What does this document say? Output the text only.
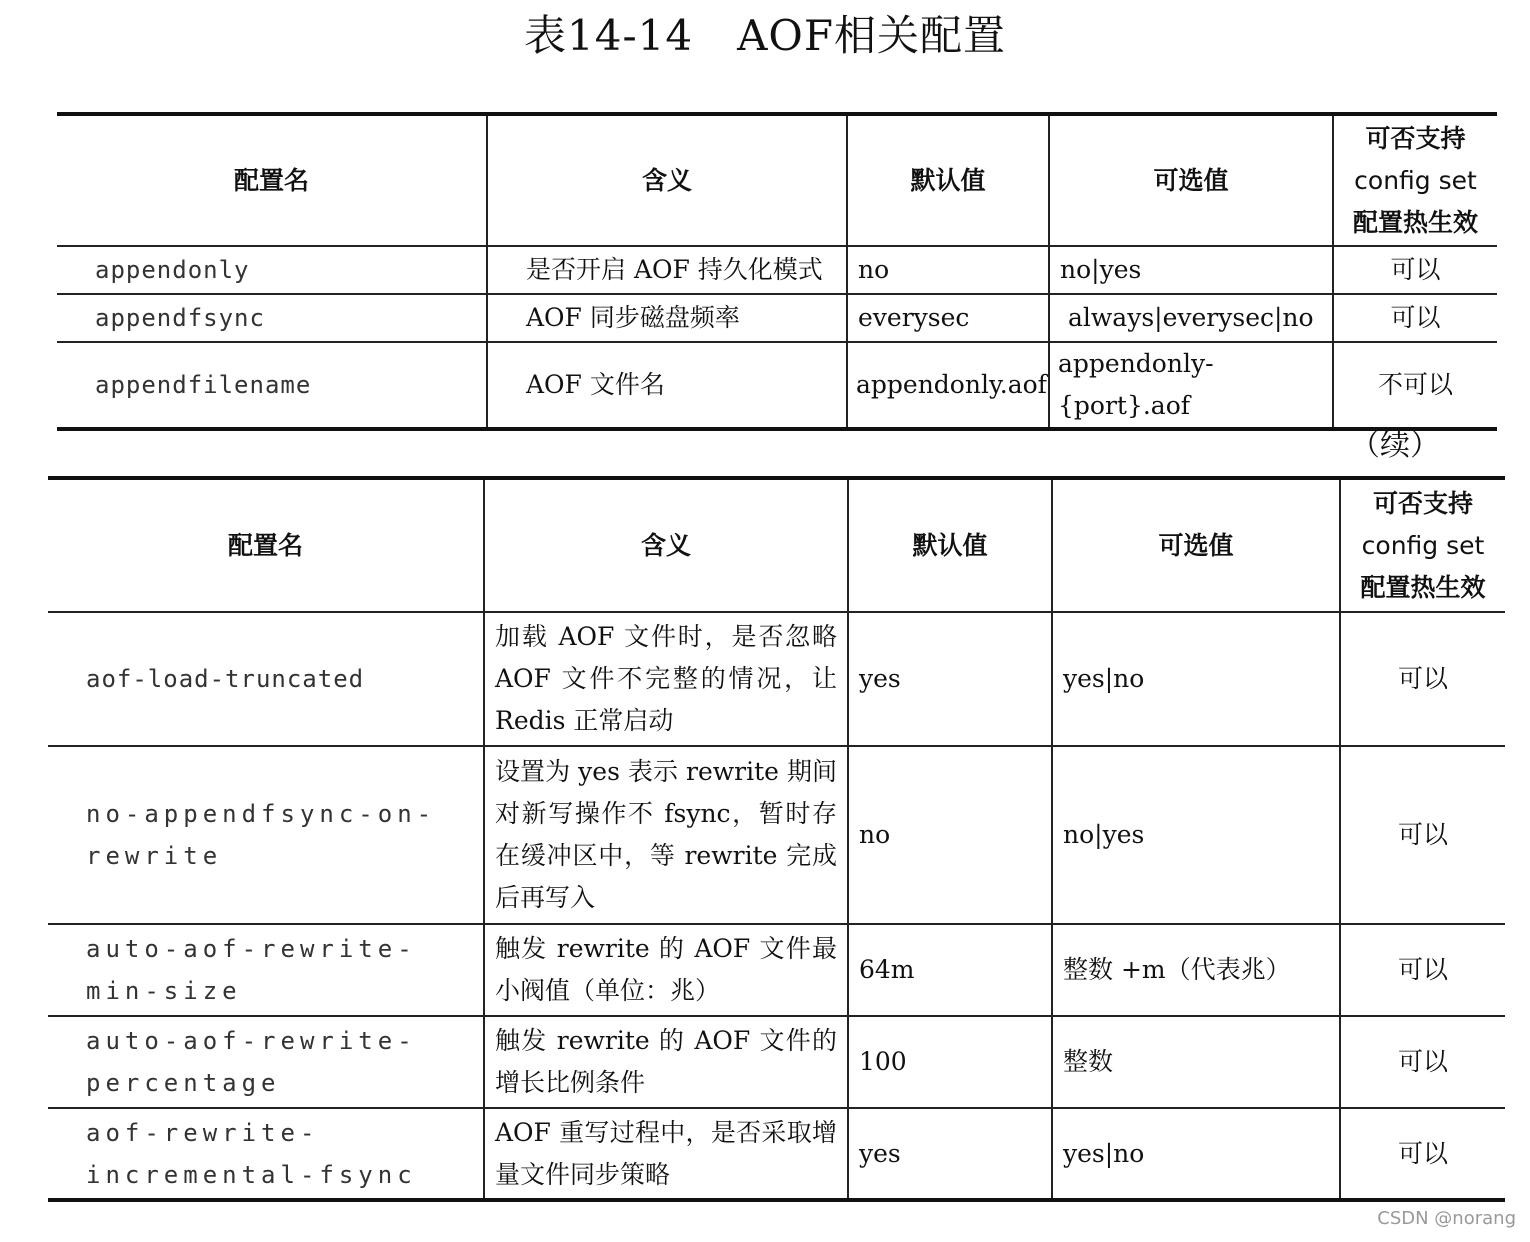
表14-14 AOF相关配置
配置名	含义	默认值	可选值	可否支持
config set
配置热生效

appendonly	是否开启 AOF 持久化模式	no	no|yes	可以
appendfsync	AOF 同步磁盘频率	everysec	always|everysec|no	可以
appendfilename	AOF 文件名	appendonly.aof	appendonly-{port}.aof	不可以
（续）
配置名	含义	默认值	可选值	可否支持
config set
配置热生效

aof-load-truncated	加载 AOF 文件时，是否忽略 AOF 文件不完整的情况，让 Redis 正常启动	yes	yes|no	可以
no-appendfsync-on-rewrite	设置为 yes 表示 rewrite 期间对新写操作不 fsync，暂时存在缓冲区中，等 rewrite 完成后再写入	no	no|yes	可以
auto-aof-rewrite-min-size	触发 rewrite 的 AOF 文件最小阀值（单位：兆）	64m	整数 +m（代表兆）	可以
auto-aof-rewrite-percentage	触发 rewrite 的 AOF 文件的增长比例条件	100	整数	可以
aof-rewrite-incremental-fsync	AOF 重写过程中，是否采取增量文件同步策略	yes	yes|no	可以
CSDN @norang
